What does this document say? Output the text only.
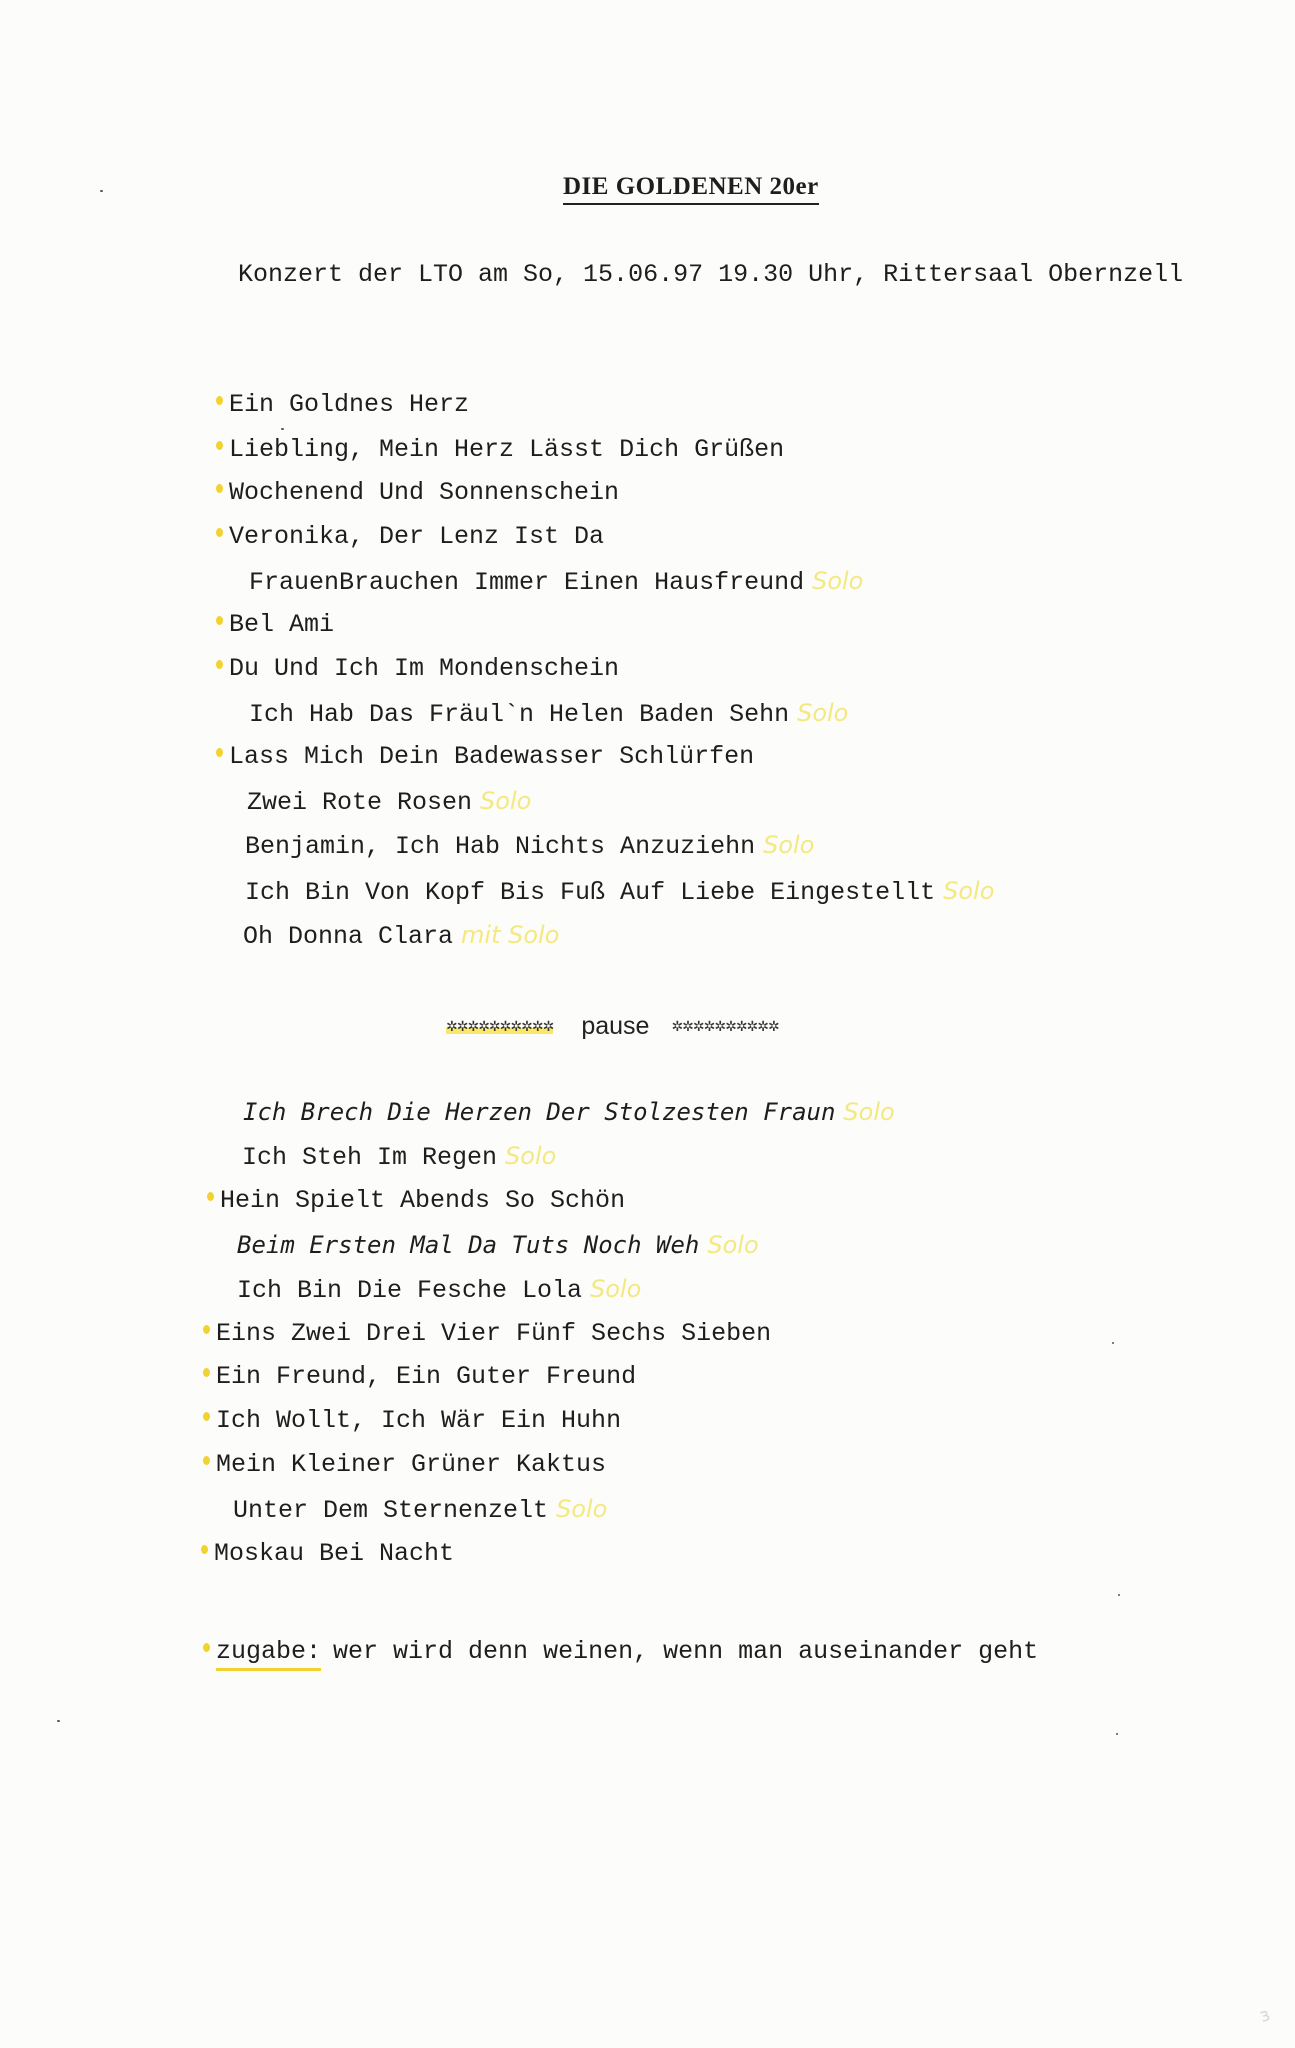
DIE GOLDENEN 20er
Konzert der LTO am So, 15.06.97 19.30 Uhr, Rittersaal Obernzell
Ein Goldnes Herz
Liebling, Mein Herz Lässt Dich Grüßen
Wochenend Und Sonnenschein
Veronika, Der Lenz Ist Da
FrauenBrauchen Immer Einen Hausfreund Solo
Bel Ami
Du Und Ich Im Mondenschein
Ich Hab Das Fräul`n Helen Baden Sehn Solo
Lass Mich Dein Badewasser Schlürfen
Zwei Rote Rosen Solo
Benjamin, Ich Hab Nichts Anzuziehn Solo
Ich Bin Von Kopf Bis Fuß Auf Liebe Eingestellt Solo
Oh Donna Clara mit Solo
✲✲✲✲✲✲✲✲✲✲ pause ✲✲✲✲✲✲✲✲✲✲
Ich Brech Die Herzen Der Stolzesten Fraun Solo
Ich Steh Im Regen Solo
Hein Spielt Abends So Schön
Beim Ersten Mal Da Tuts Noch Weh Solo
Ich Bin Die Fesche Lola Solo
Eins Zwei Drei Vier Fünf Sechs Sieben
Ein Freund, Ein Guter Freund
Ich Wollt, Ich Wär Ein Huhn
Mein Kleiner Grüner Kaktus
Unter Dem Sternenzelt Solo
Moskau Bei Nacht
zugabe: wer wird denn weinen, wenn man auseinander geht
ɜ
